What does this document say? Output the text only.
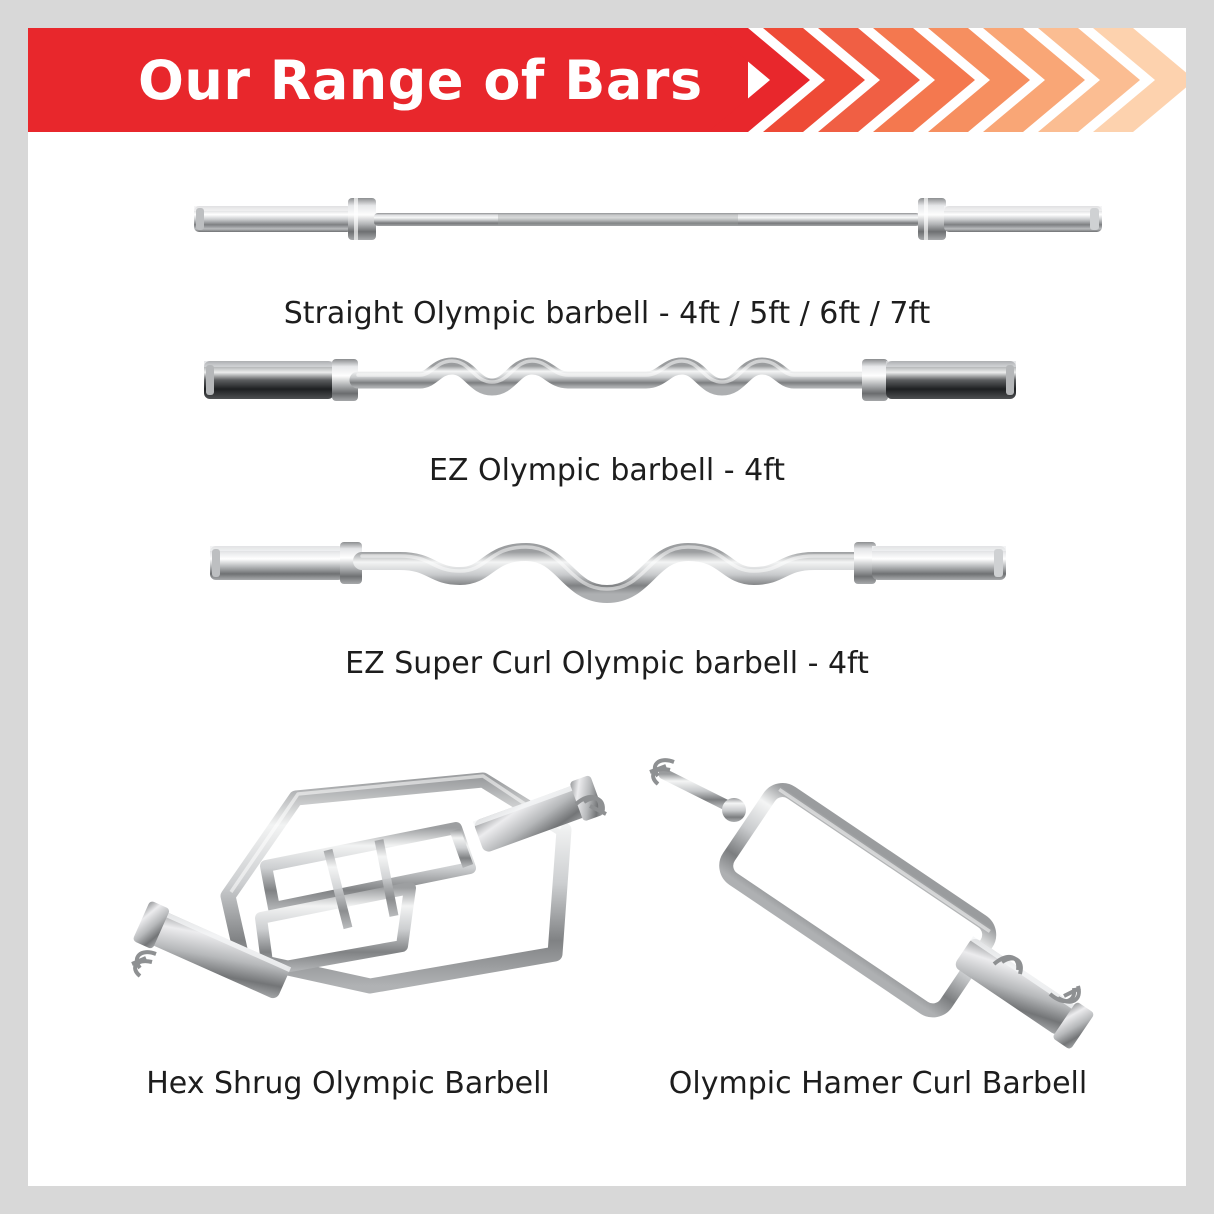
Our Range of Bars
Straight Olympic barbell - 4ft / 5ft / 6ft / 7ft
EZ Olympic barbell - 4ft
EZ Super Curl Olympic barbell - 4ft
Hex Shrug Olympic Barbell	Olympic Hamer Curl Barbell
